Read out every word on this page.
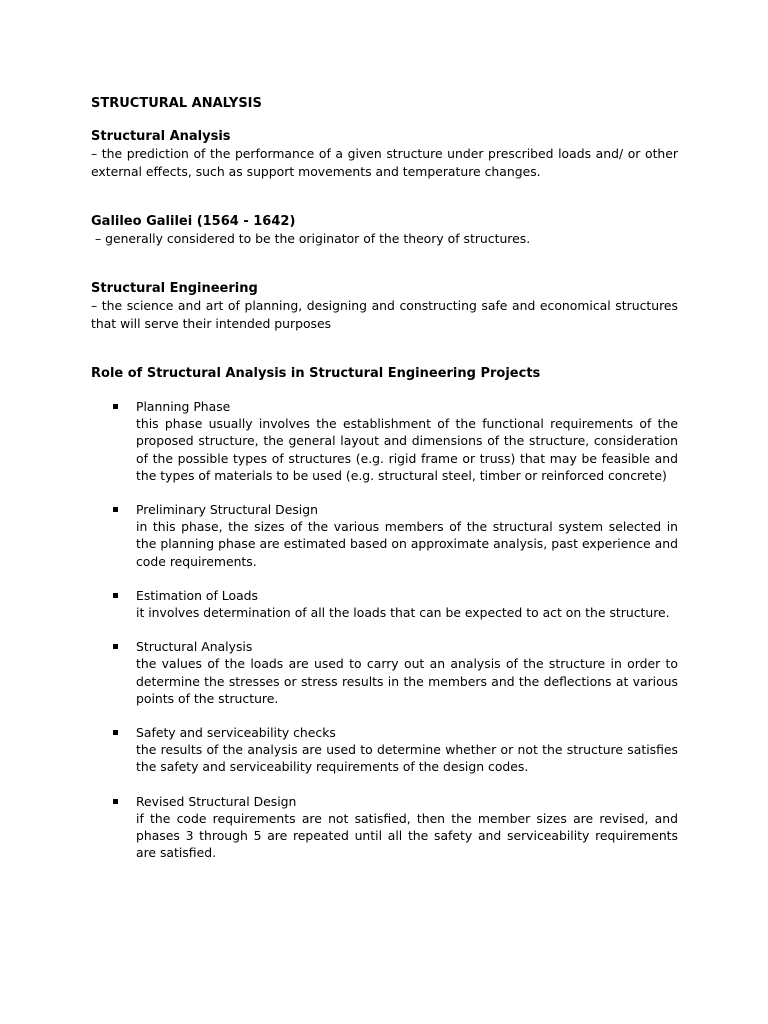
STRUCTURAL ANALYSIS

Structural Analysis

– the prediction of the performance of a given structure under prescribed loads and/ or other external effects, such as support movements and temperature changes.

Galileo Galilei (1564 - 1642)

– generally considered to be the originator of the theory of structures.

Structural Engineering

– the science and art of planning, designing and constructing safe and economical structures that will serve their intended purposes

Role of Structural Analysis in Structural Engineering Projects

Planning Phase

this phase usually involves the establishment of the functional requirements of the proposed structure, the general layout and dimensions of the structure, consideration of the possible types of structures (e.g. rigid frame or truss) that may be feasible and the types of materials to be used (e.g. structural steel, timber or reinforced concrete)

Preliminary Structural Design

in this phase, the sizes of the various members of the structural system selected in the planning phase are estimated based on approximate analysis, past experience and code requirements.

Estimation of Loads

it involves determination of all the loads that can be expected to act on the structure.

Structural Analysis

the values of the loads are used to carry out an analysis of the structure in order to determine the stresses or stress results in the members and the deflections at various points of the structure.

Safety and serviceability checks

the results of the analysis are used to determine whether or not the structure satisfies the safety and serviceability requirements of the design codes.

Revised Structural Design

if the code requirements are not satisfied, then the member sizes are revised, and phases 3 through 5 are repeated until all the safety and serviceability requirements are satisfied.
